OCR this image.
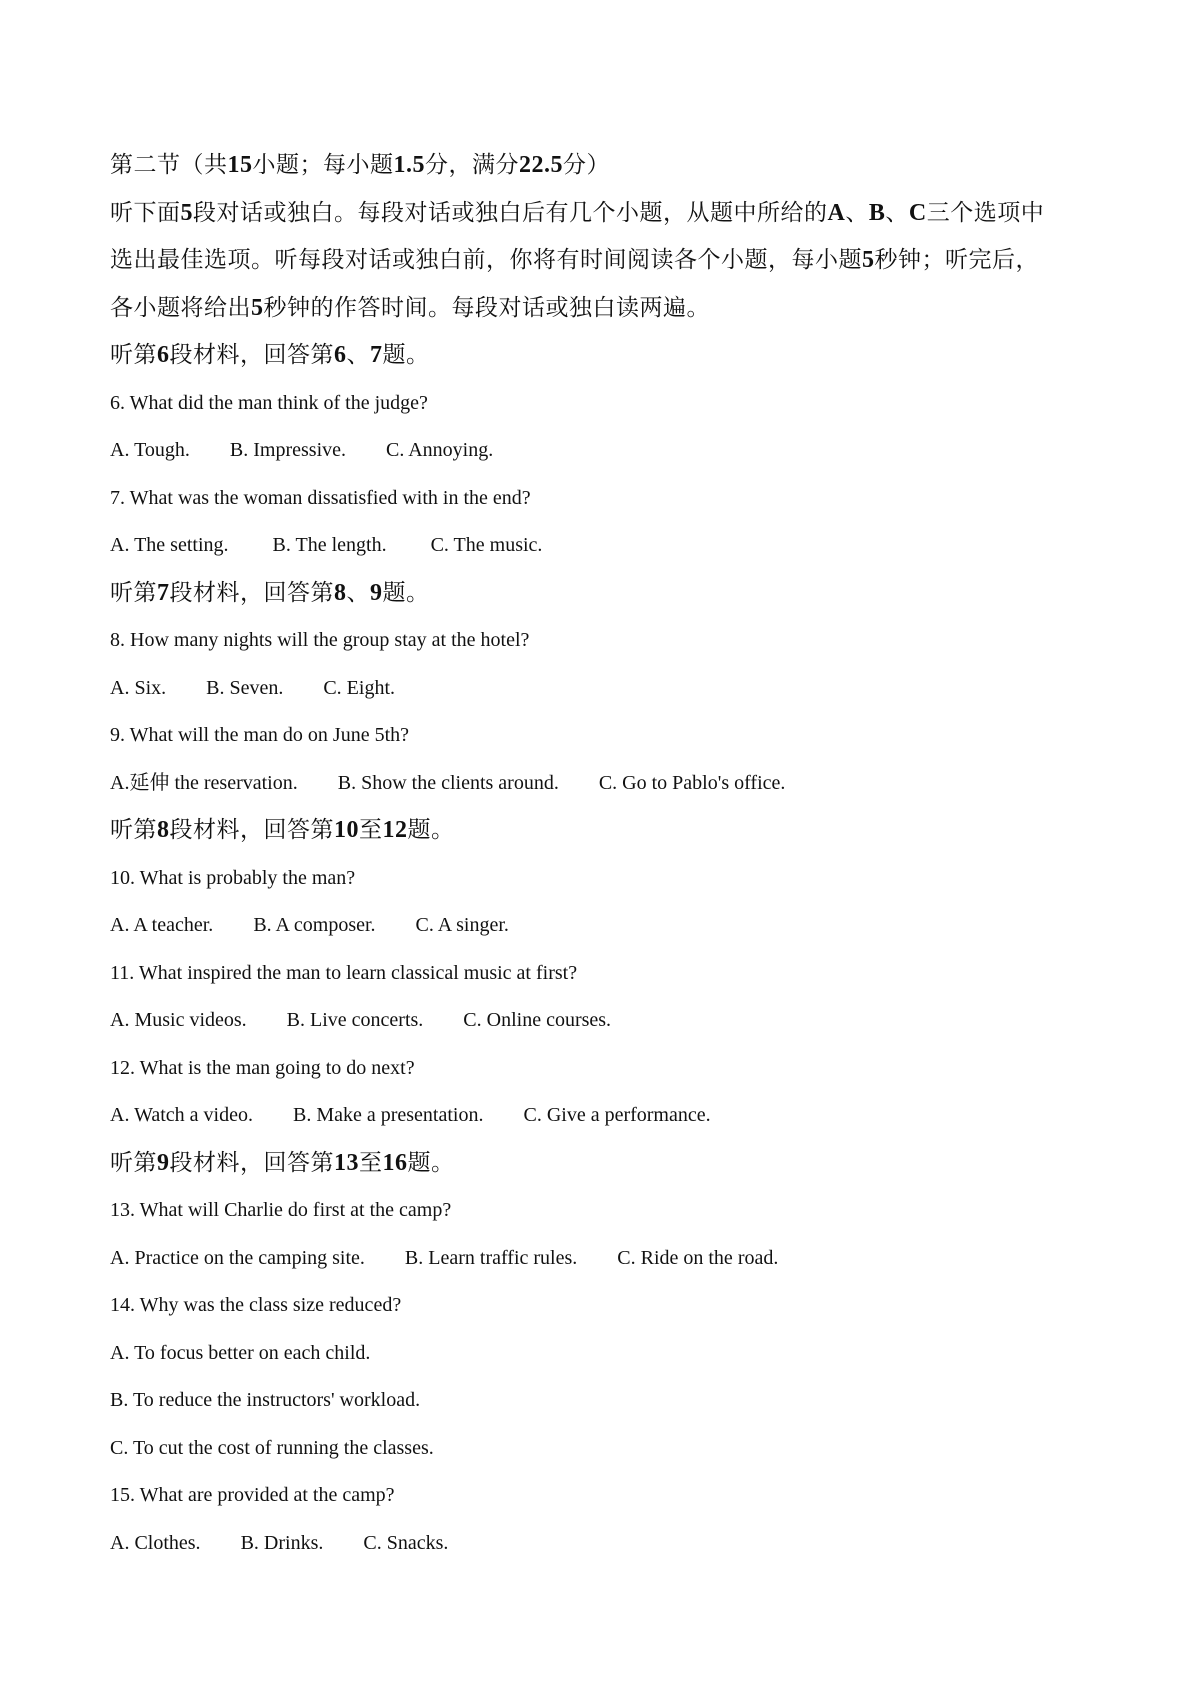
第二节（共15小题；每小题1.5分，满分22.5分）
听下面5段对话或独白。每段对话或独白后有几个小题，从题中所给的A、B、C三个选项中
选出最佳选项。听每段对话或独白前，你将有时间阅读各个小题，每小题5秒钟；听完后，
各小题将给出5秒钟的作答时间。每段对话或独白读两遍。
听第6段材料，回答第6、7题。
6. What did the man think of the judge?
A. Tough. B. Impressive. C. Annoying.
7. What was the woman dissatisfied with in the end?
A. The setting. B. The length. C. The music.
听第7段材料，回答第8、9题。
8. How many nights will the group stay at the hotel?
A. Six. B. Seven. C. Eight.
9. What will the man do on June 5th?
A.延伸 the reservation. B. Show the clients around. C. Go to Pablo's office.
听第8段材料，回答第10至12题。
10. What is probably the man?
A. A teacher. B. A composer. C. A singer.
11. What inspired the man to learn classical music at first?
A. Music videos. B. Live concerts. C. Online courses.
12. What is the man going to do next?
A. Watch a video. B. Make a presentation. C. Give a performance.
听第9段材料，回答第13至16题。
13. What will Charlie do first at the camp?
A. Practice on the camping site. B. Learn traffic rules. C. Ride on the road.
14. Why was the class size reduced?
A. To focus better on each child.
B. To reduce the instructors' workload.
C. To cut the cost of running the classes.
15. What are provided at the camp?
A. Clothes. B. Drinks. C. Snacks.
